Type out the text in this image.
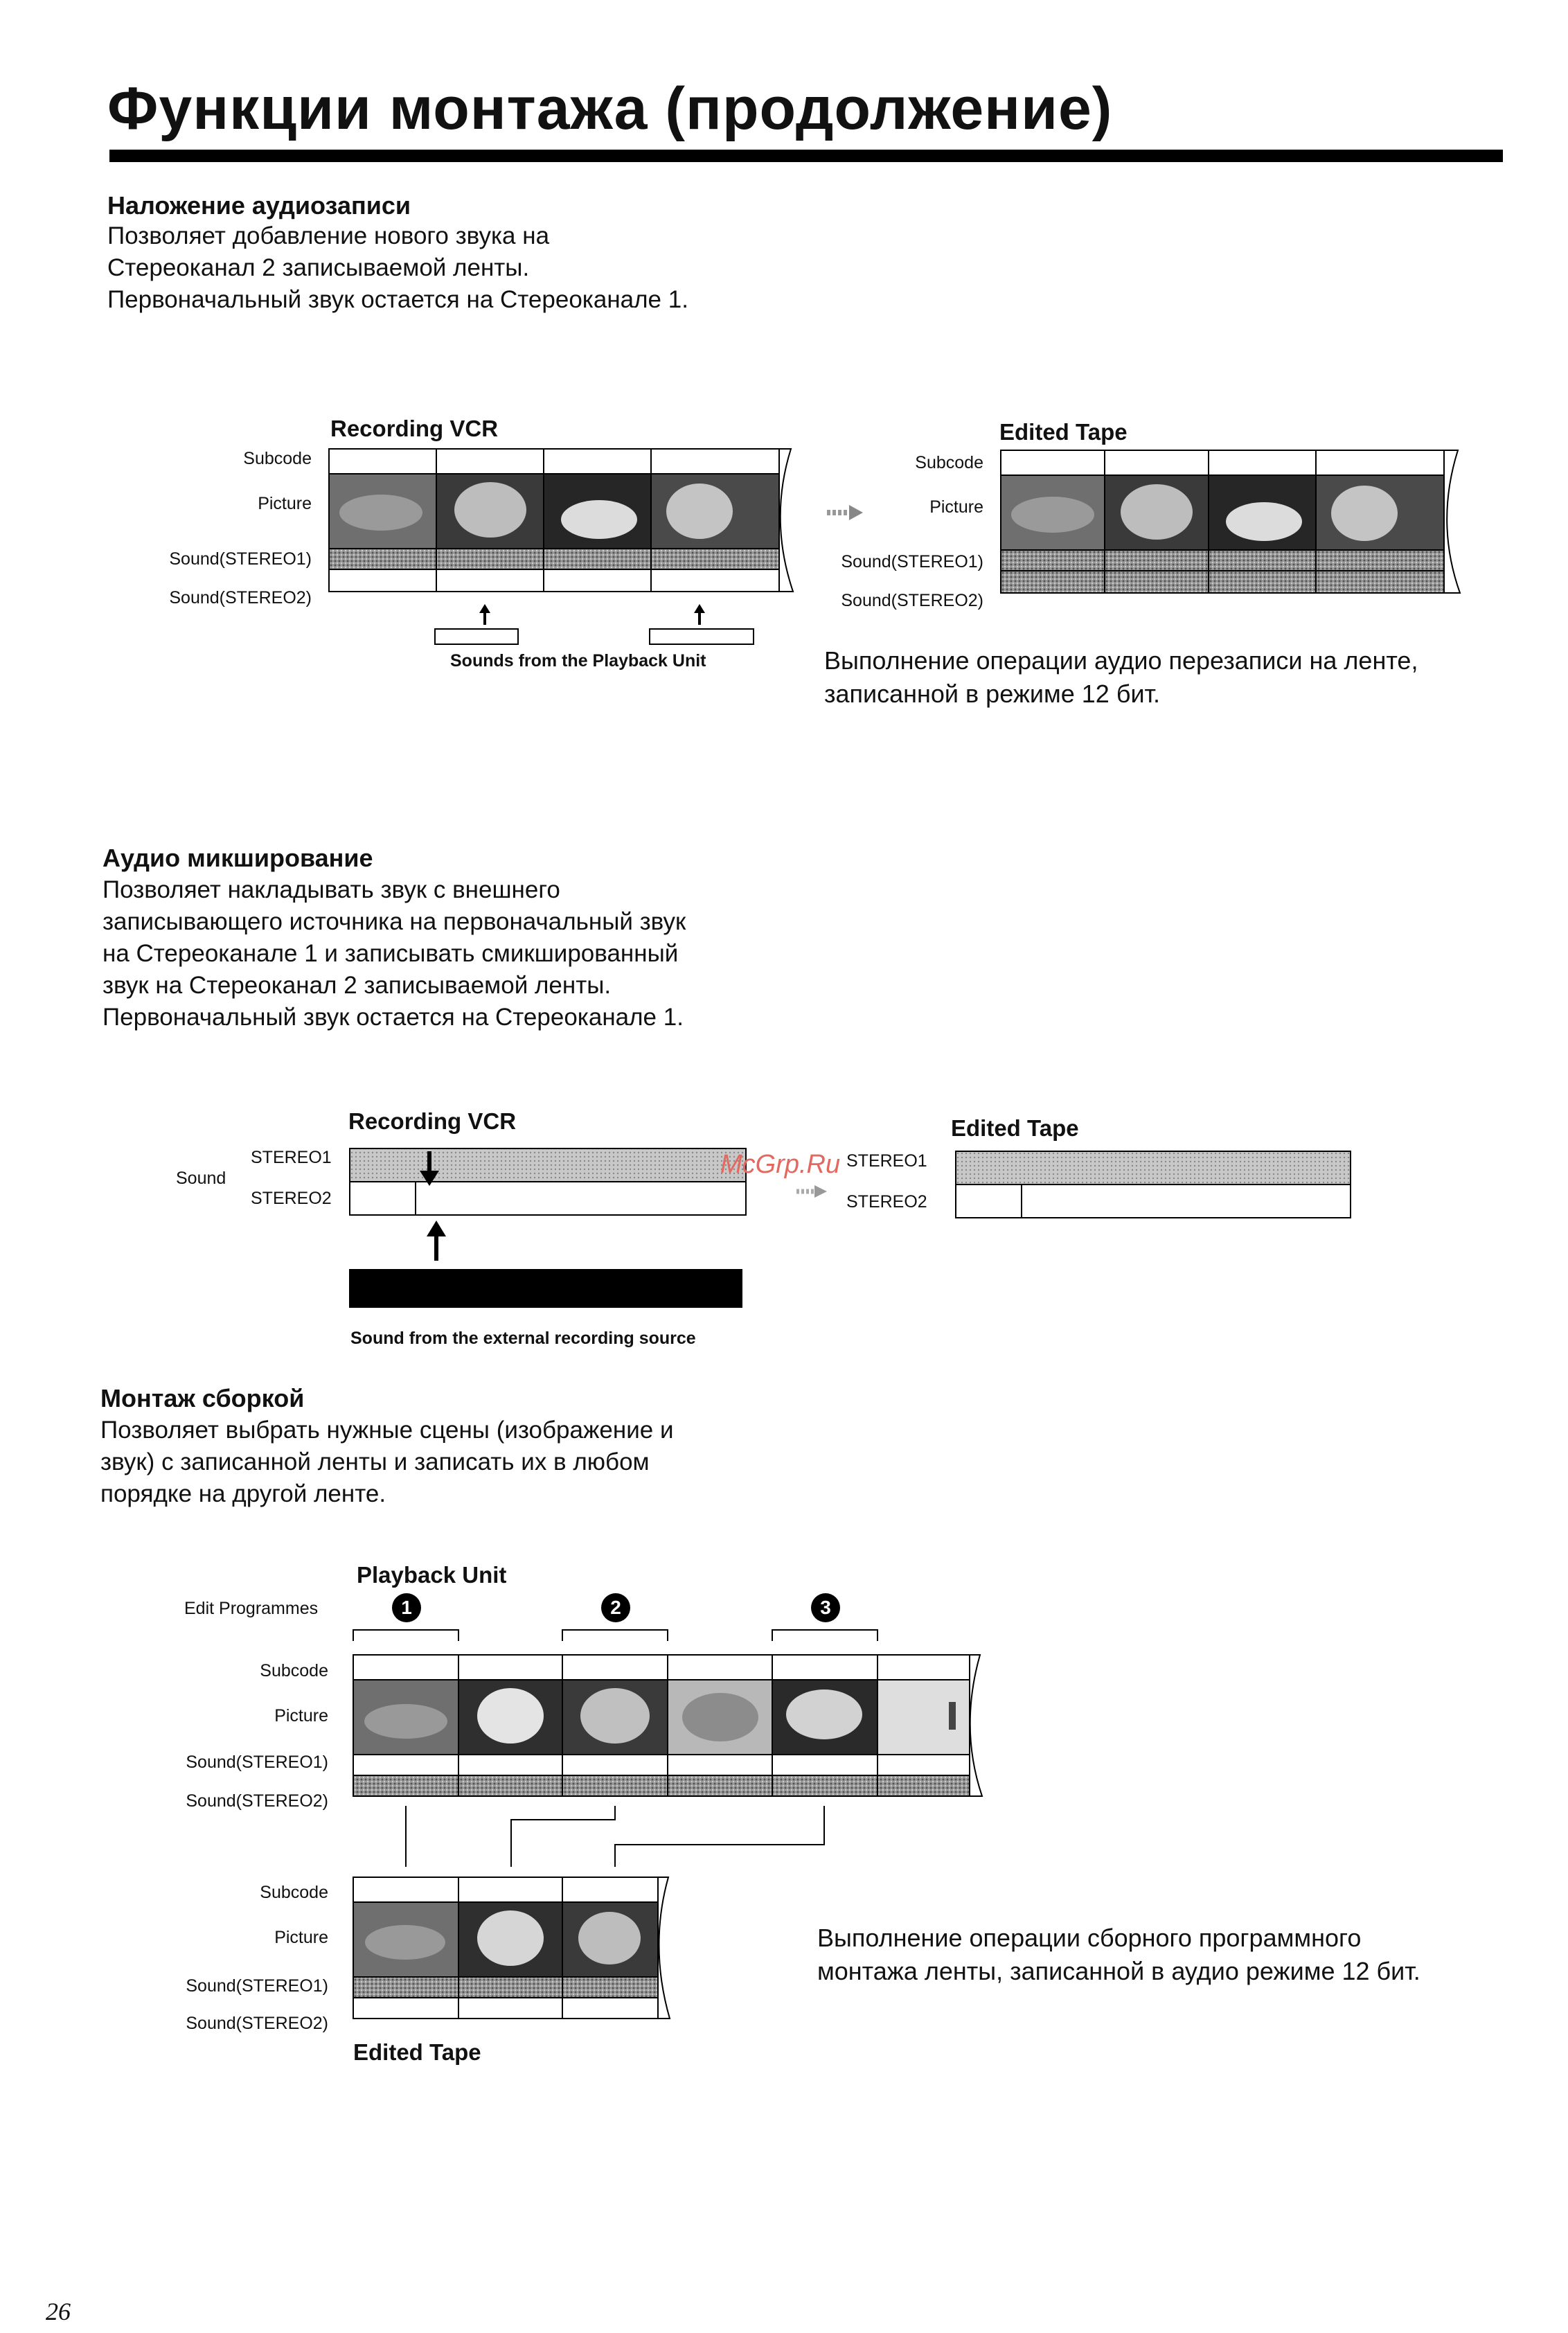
Функции монтажа (продолжение)
Наложение аудиозаписи
Позволяет добавление нового звука на
Стереоканал 2 записываемой ленты.
Первоначальный звук остается на Стереоканале 1.
Recording VCR
Subcode
Picture
Sound(STEREO1)
Sound(STEREO2)
Sounds from the Playback Unit
Edited Tape
Subcode
Picture
Sound(STEREO1)
Sound(STEREO2)
Выполнение операции аудио перезаписи на ленте,
записанной в режиме 12 бит.
Аудио микширование
Позволяет накладывать звук с внешнего
записывающего источника на первоначальный звук
на Стереоканале 1 и записывать смикшированный
звук на Стереоканал 2 записываемой ленты.
Первоначальный звук остается на Стереоканале 1.
Recording VCR
Sound
STEREO1
STEREO2
Sound from the external recording source
Edited Tape
STEREO1
STEREO2
McGrp.Ru
Монтаж сборкой
Позволяет выбрать нужные сцены (изображение и
звук) с записанной ленты и записать их в любом
порядке на другой ленте.
Playback Unit
Edit Programmes	1	2	3
Subcode
Picture
Sound(STEREO1)
Sound(STEREO2)
Subcode
Picture
Sound(STEREO1)
Sound(STEREO2)
Edited Tape
Выполнение операции сборного программного
монтажа ленты, записанной в аудио режиме 12 бит.
26
